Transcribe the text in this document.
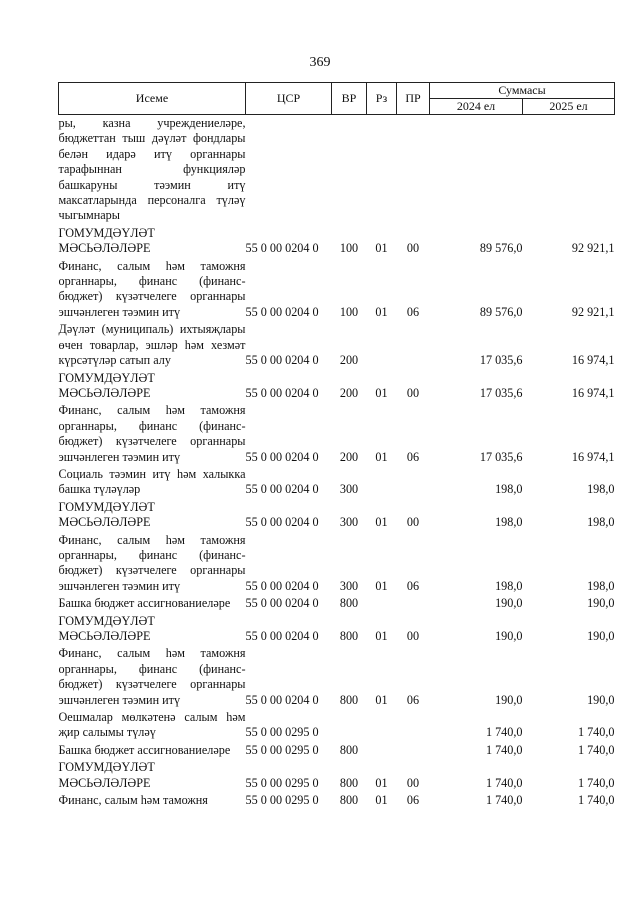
369
Исеме	ЦСР	ВР	Рз	ПР	Суммасы	
					2024 ел	2025 ел
ры, казна учреждениеләре, бюджеттан тыш дәүләт фондлары белән идарә итү органнары тарафыннан функцияләр башкаруны тәэмин итү максатларында персоналга түләү чыгымнары						
ГОМУМДӘҮЛӘТ МӘСЬӘЛӘЛӘРЕ	55 0 00 0204 0	100	01	00	89 576,0	92 921,1
Финанс, салым һәм таможня органнары, финанс (финанс-бюджет) күзәтчелеге органнары эшчәнлеген тәэмин итү	55 0 00 0204 0	100	01	06	89 576,0	92 921,1
Дәүләт (муниципаль) ихтыяҗлары өчен товарлар, эшләр һәм хезмәт күрсәтүләр сатып алу	55 0 00 0204 0	200			17 035,6	16 974,1
ГОМУМДӘҮЛӘТ МӘСЬӘЛӘЛӘРЕ	55 0 00 0204 0	200	01	00	17 035,6	16 974,1
Финанс, салым һәм таможня органнары, финанс (финанс-бюджет) күзәтчелеге органнары эшчәнлеген тәэмин итү	55 0 00 0204 0	200	01	06	17 035,6	16 974,1
Социаль тәэмин итү һәм халыкка башка түләүләр	55 0 00 0204 0	300			198,0	198,0
ГОМУМДӘҮЛӘТ МӘСЬӘЛӘЛӘРЕ	55 0 00 0204 0	300	01	00	198,0	198,0
Финанс, салым һәм таможня органнары, финанс (финанс-бюджет) күзәтчелеге органнары эшчәнлеген тәэмин итү	55 0 00 0204 0	300	01	06	198,0	198,0
Башка бюджет ассигнованиеләре	55 0 00 0204 0	800			190,0	190,0
ГОМУМДӘҮЛӘТ МӘСЬӘЛӘЛӘРЕ	55 0 00 0204 0	800	01	00	190,0	190,0
Финанс, салым һәм таможня органнары, финанс (финанс-бюджет) күзәтчелеге органнары эшчәнлеген тәэмин итү	55 0 00 0204 0	800	01	06	190,0	190,0
Оешмалар мөлкәтенә салым һәм җир салымы түләү	55 0 00 0295 0				1 740,0	1 740,0
Башка бюджет ассигнованиеләре	55 0 00 0295 0	800			1 740,0	1 740,0
ГОМУМДӘҮЛӘТ МӘСЬӘЛӘЛӘРЕ	55 0 00 0295 0	800	01	00	1 740,0	1 740,0
Финанс, салым һәм таможня	55 0 00 0295 0	800	01	06	1 740,0	1 740,0
